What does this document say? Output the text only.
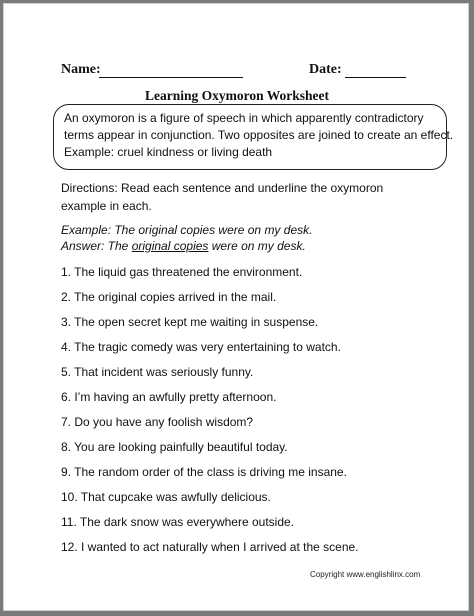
Name:	Date:
Learning Oxymoron Worksheet
An oxymoron is a figure of speech in which apparently contradictory
terms appear in conjunction. Two opposites are joined to create an effect.
Example: cruel kindness or living death
Directions: Read each sentence and underline the oxymoron example in each.
Example: The original copies were on my desk.
Answer: The original copies were on my desk.
1. The liquid gas threatened the environment.
2. The original copies arrived in the mail.
3. The open secret kept me waiting in suspense.
4. The tragic comedy was very entertaining to watch.
5. That incident was seriously funny.
6. I’m having an awfully pretty afternoon.
7. Do you have any foolish wisdom?
8. You are looking painfully beautiful today.
9. The random order of the class is driving me insane.
10. That cupcake was awfully delicious.
11. The dark snow was everywhere outside.
12. I wanted to act naturally when I arrived at the scene.
Copyright www.englishlinx.com
